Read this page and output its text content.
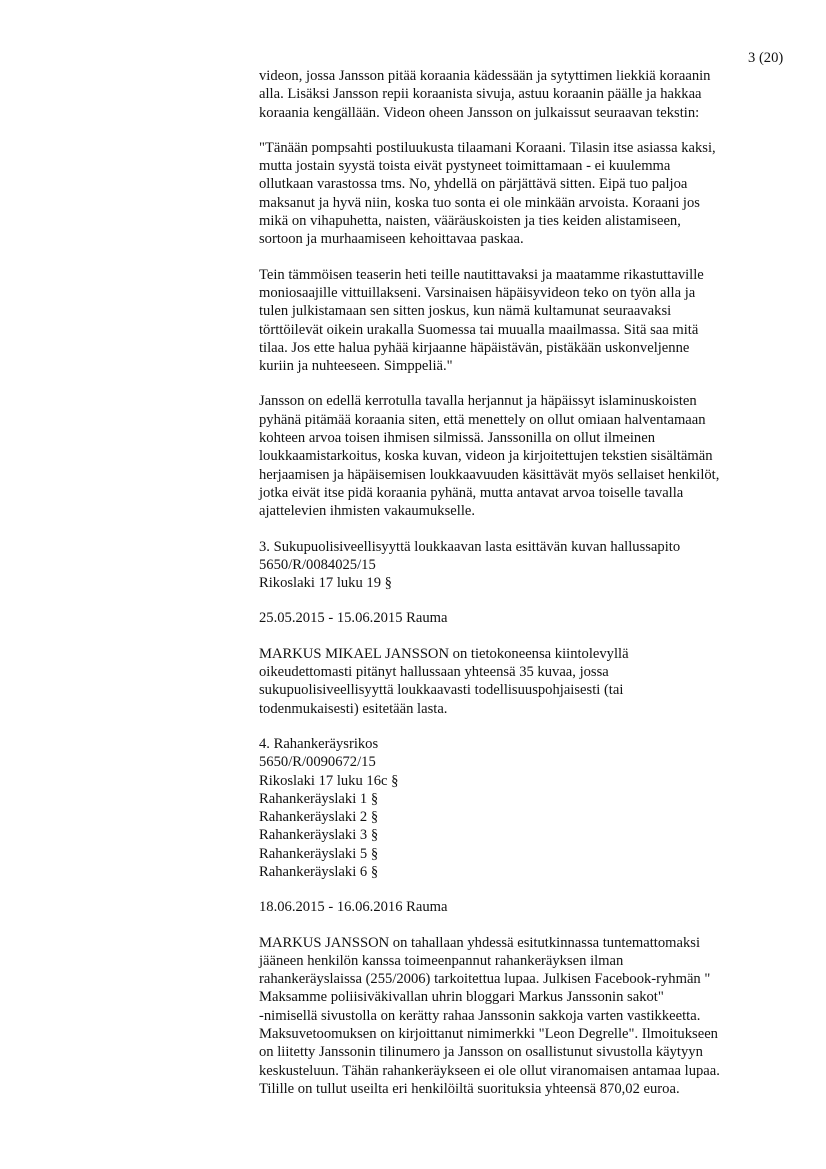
3 (20)

videon, jossa Jansson pitää koraania kädessään ja sytyttimen liekkiä koraanin
alla. Lisäksi Jansson repii koraanista sivuja, astuu koraanin päälle ja hakkaa
koraania kengällään. Videon oheen Jansson on julkaissut seuraavan tekstin:

"Tänään pompsahti postiluukusta tilaamani Koraani. Tilasin itse asiassa kaksi,
mutta jostain syystä toista eivät pystyneet toimittamaan - ei kuulemma
ollutkaan varastossa tms. No, yhdellä on pärjättävä sitten. Eipä tuo paljoa
maksanut ja hyvä niin, koska tuo sonta ei ole minkään arvoista. Koraani jos
mikä on vihapuhetta, naisten, vääräuskoisten ja ties keiden alistamiseen,
sortoon ja murhaamiseen kehoittavaa paskaa.

Tein tämmöisen teaserin heti teille nautittavaksi ja maatamme rikastuttaville
moniosaajille vittuillakseni. Varsinaisen häpäisyvideon teko on työn alla ja
tulen julkistamaan sen sitten joskus, kun nämä kultamunat seuraavaksi
törttöilevät oikein urakalla Suomessa tai muualla maailmassa. Sitä saa mitä
tilaa. Jos ette halua pyhää kirjaanne häpäistävän, pistäkään uskonveljenne
kuriin ja nuhteeseen. Simppeliä."

Jansson on edellä kerrotulla tavalla herjannut ja häpäissyt islaminuskoisten
pyhänä pitämää koraania siten, että menettely on ollut omiaan halventamaan
kohteen arvoa toisen ihmisen silmissä. Janssonilla on ollut ilmeinen
loukkaamistarkoitus, koska kuvan, videon ja kirjoitettujen tekstien sisältämän
herjaamisen ja häpäisemisen loukkaavuuden käsittävät myös sellaiset henkilöt,
jotka eivät itse pidä koraania pyhänä, mutta antavat arvoa toiselle tavalla
ajattelevien ihmisten vakaumukselle.

3. Sukupuolisiveellisyyttä loukkaavan lasta esittävän kuvan hallussapito
5650/R/0084025/15
Rikoslaki 17 luku 19 §

25.05.2015 - 15.06.2015 Rauma

MARKUS MIKAEL JANSSON on tietokoneensa kiintolevyllä
oikeudettomasti pitänyt hallussaan yhteensä 35 kuvaa, jossa
sukupuolisiveellisyyttä loukkaavasti todellisuuspohjaisesti (tai
todenmukaisesti) esitetään lasta.

4. Rahankeräysrikos
5650/R/0090672/15
Rikoslaki 17 luku 16c §
Rahankeräyslaki 1 §
Rahankeräyslaki 2 §
Rahankeräyslaki 3 §
Rahankeräyslaki 5 §
Rahankeräyslaki 6 §

18.06.2015 - 16.06.2016 Rauma

MARKUS JANSSON on tahallaan yhdessä esitutkinnassa tuntemattomaksi
jääneen henkilön kanssa toimeenpannut rahankeräyksen ilman
rahankeräyslaissa (255/2006) tarkoitettua lupaa. Julkisen Facebook-ryhmän "
Maksamme poliisiväkivallan uhrin bloggari Markus Janssonin sakot"
-nimisellä sivustolla on kerätty rahaa Janssonin sakkoja varten vastikkeetta.
Maksuvetoomuksen on kirjoittanut nimimerkki "Leon Degrelle". Ilmoitukseen
on liitetty Janssonin tilinumero ja Jansson on osallistunut sivustolla käytyyn
keskusteluun. Tähän rahankeräykseen ei ole ollut viranomaisen antamaa lupaa.
Tilille on tullut useilta eri henkilöiltä suorituksia yhteensä 870,02 euroa.
